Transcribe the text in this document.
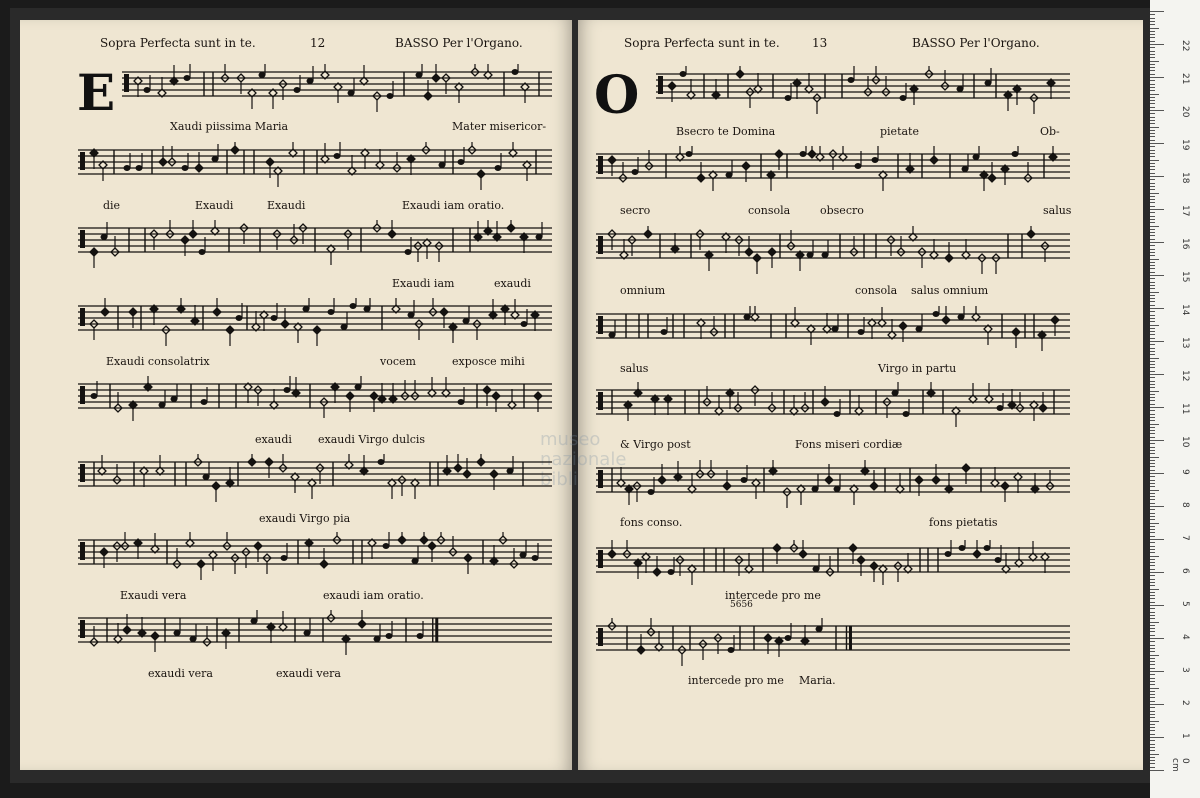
Sopra Perfecta sunt in te.	12	BASSO Per l'Organo.
E
Sopra Perfecta sunt in te.	13	BASSO Per l'Organo.
O
museo
nazionale
bibli
Xaudi piissima Maria	Mater misericor-
die	Exaudi	Exaudi	Exaudi iam oratio.
Exaudi iam	exaudi
Exaudi consolatrix	vocem	exposce mihi
exaudi exaudi Virgo dulcis
exaudi Virgo pia
Exaudi vera	exaudi iam oratio.
exaudi vera	exaudi vera
Bsecro te Domina	pietate	Ob-
secro	consola	obsecro	salus
omnium	consola salus omnium
salus	Virgo in partu
& Virgo post	Fons miseri cordiæ
fons conso.	fons pietatis
intercede pro me
intercede pro me Maria.
5656
0 cm
1
2
3
4
5
6
7
8
9
10
11
12
13
14
15
16
17
18
19
20
21
22
